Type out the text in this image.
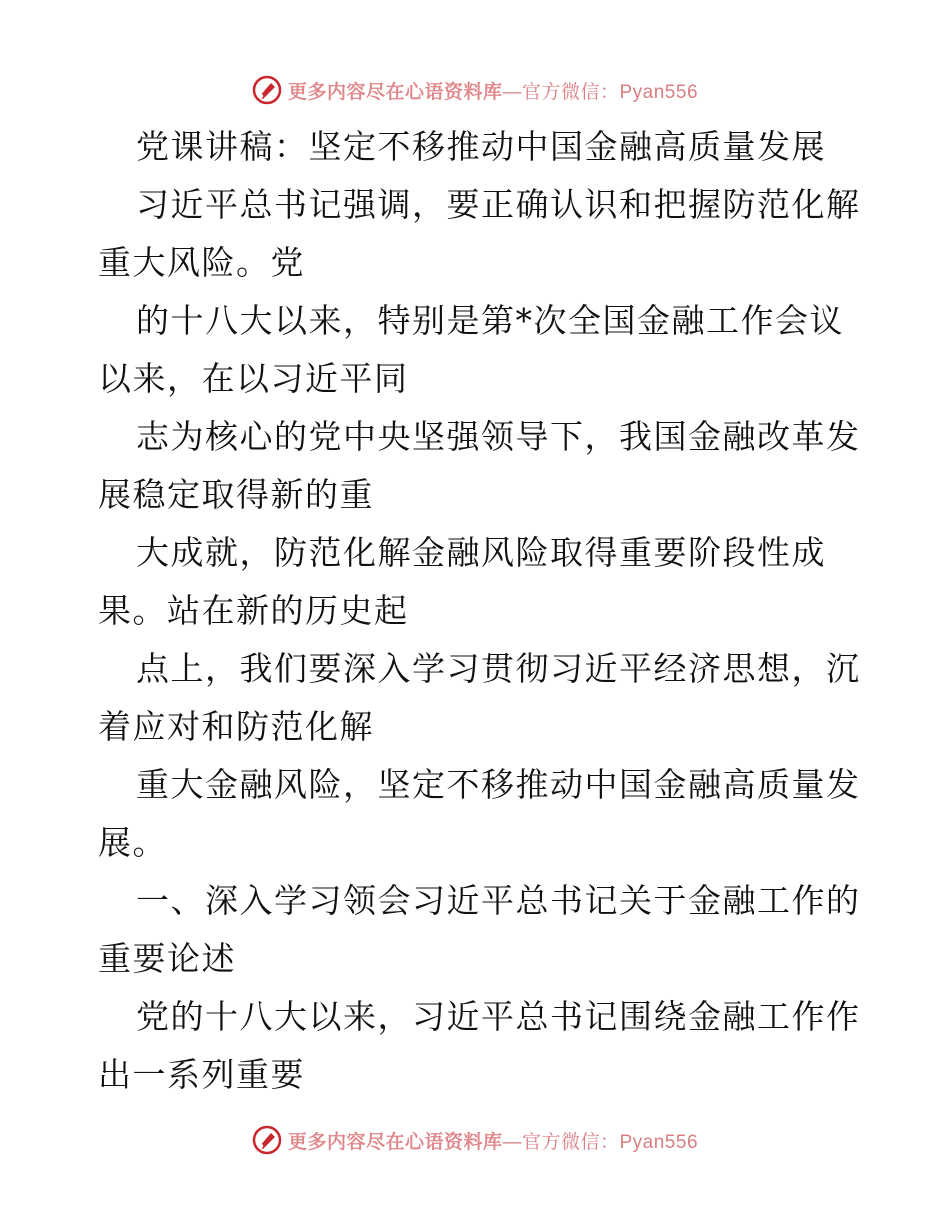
更多内容尽在心语资料库—官方微信：Pyan556
党课讲稿：坚定不移推动中国金融高质量发展
习近平总书记强调，要正确认识和把握防范化解
重大风险。党
的十八大以来，特别是第*次全国金融工作会议
以来，在以习近平同
志为核心的党中央坚强领导下，我国金融改革发
展稳定取得新的重
大成就，防范化解金融风险取得重要阶段性成
果。站在新的历史起
点上，我们要深入学习贯彻习近平经济思想，沉
着应对和防范化解
重大金融风险，坚定不移推动中国金融高质量发
展。
一、深入学习领会习近平总书记关于金融工作的
重要论述
党的十八大以来，习近平总书记围绕金融工作作
出一系列重要
更多内容尽在心语资料库—官方微信：Pyan556
